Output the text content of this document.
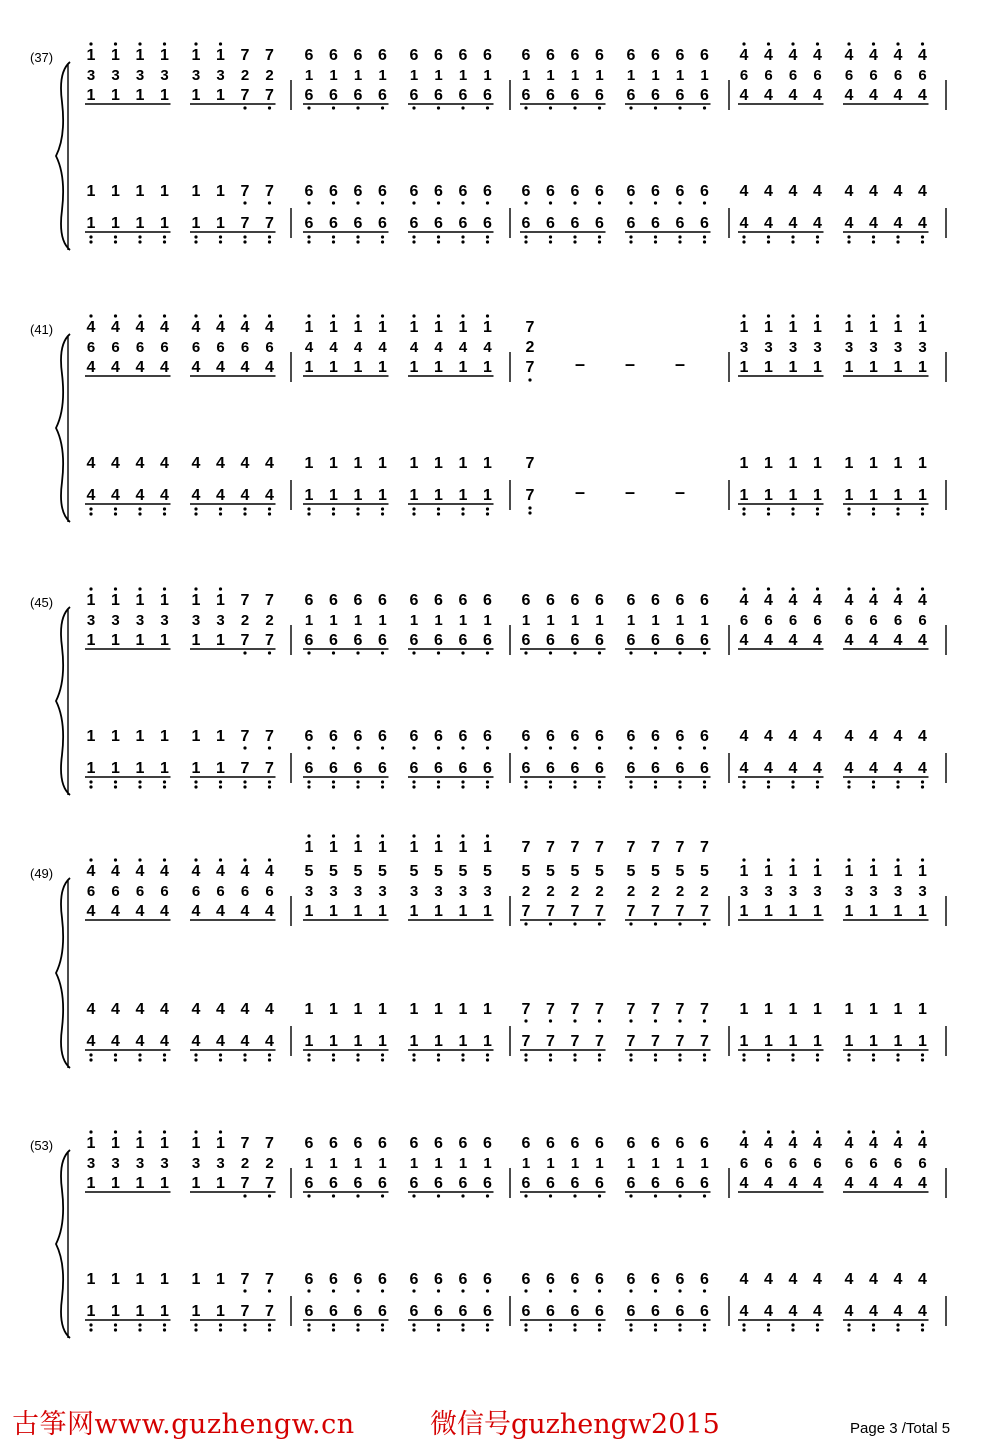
(37) 1
3
1
1
1
1
3
1
1
1
1
3
1
1
1
1
3
1
1
1
1
3
1
1
1
1
3
1
1
1
7
2
7
7
7
7
2
7
7
7
6
1
6
6
6
6
1
6
6
6
6
1
6
6
6
6
1
6
6
6
6
1
6
6
6
6
1
6
6
6
6
1
6
6
6
6
1
6
6
6
6
1
6
6
6
6
1
6
6
6
6
1
6
6
6
6
1
6
6
6
6
1
6
6
6
6
1
6
6
6
6
1
6
6
6
6
1
6
6
6
4
6
4
4
4
4
6
4
4
4
4
6
4
4
4
4
6
4
4
4
4
6
4
4
4
4
6
4
4
4
4
6
4
4
4
4
6
4
4
4
(41) 4
6
4
4
4
4
6
4
4
4
4
6
4
4
4
4
6
4
4
4
4
6
4
4
4
4
6
4
4
4
4
6
4
4
4
4
6
4
4
4
1
4
1
1
1
1
4
1
1
1
1
4
1
1
1
1
4
1
1
1
1
4
1
1
1
1
4
1
1
1
1
4
1
1
1
1
4
1
1
1
7
2
7
7
7
–
–
–
–
–
–
1
3
1
1
1
1
3
1
1
1
1
3
1
1
1
1
3
1
1
1
1
3
1
1
1
1
3
1
1
1
1
3
1
1
1
1
3
1
1
1
(45) 1
3
1
1
1
1
3
1
1
1
1
3
1
1
1
1
3
1
1
1
1
3
1
1
1
1
3
1
1
1
7
2
7
7
7
7
2
7
7
7
6
1
6
6
6
6
1
6
6
6
6
1
6
6
6
6
1
6
6
6
6
1
6
6
6
6
1
6
6
6
6
1
6
6
6
6
1
6
6
6
6
1
6
6
6
6
1
6
6
6
6
1
6
6
6
6
1
6
6
6
6
1
6
6
6
6
1
6
6
6
6
1
6
6
6
6
1
6
6
6
4
6
4
4
4
4
6
4
4
4
4
6
4
4
4
4
6
4
4
4
4
6
4
4
4
4
6
4
4
4
4
6
4
4
4
4
6
4
4
4
(49) 4
6
4
4
4
4
6
4
4
4
4
6
4
4
4
4
6
4
4
4
4
6
4
4
4
4
6
4
4
4
4
6
4
4
4
4
6
4
4
4
1
5
3
1
1
1
1
5
3
1
1
1
1
5
3
1
1
1
1
5
3
1
1
1
1
5
3
1
1
1
1
5
3
1
1
1
1
5
3
1
1
1
1
5
3
1
1
1
7
5
2
7
7
7
7
5
2
7
7
7
7
5
2
7
7
7
7
5
2
7
7
7
7
5
2
7
7
7
7
5
2
7
7
7
7
5
2
7
7
7
7
5
2
7
7
7
1
3
1
1
1
1
3
1
1
1
1
3
1
1
1
1
3
1
1
1
1
3
1
1
1
1
3
1
1
1
1
3
1
1
1
1
3
1
1
1
(53) 1
3
1
1
1
1
3
1
1
1
1
3
1
1
1
1
3
1
1
1
1
3
1
1
1
1
3
1
1
1
7
2
7
7
7
7
2
7
7
7
6
1
6
6
6
6
1
6
6
6
6
1
6
6
6
6
1
6
6
6
6
1
6
6
6
6
1
6
6
6
6
1
6
6
6
6
1
6
6
6
6
1
6
6
6
6
1
6
6
6
6
1
6
6
6
6
1
6
6
6
6
1
6
6
6
6
1
6
6
6
6
1
6
6
6
6
1
6
6
6
4
6
4
4
4
4
6
4
4
4
4
6
4
4
4
4
6
4
4
4
4
6
4
4
4
4
6
4
4
4
4
6
4
4
4
4
6
4
4
4
古筝网www.guzhengw.cn	微信号guzhengw2015	Page 3 /Total 5
